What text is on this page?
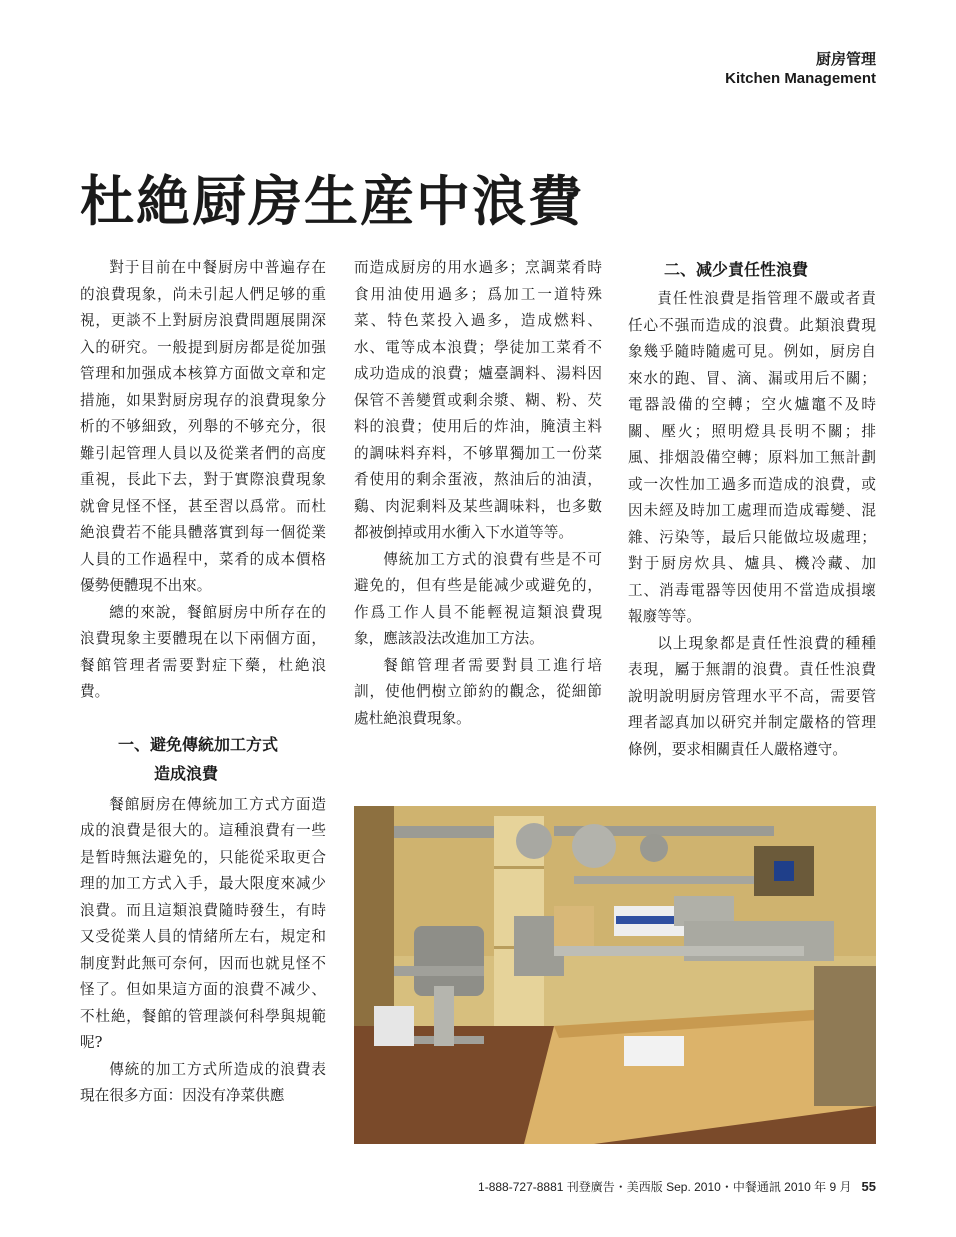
厨房管理
Kitchen Management
杜絶厨房生産中浪費

對于目前在中餐厨房中普遍存在的浪費現象，尚未引起人們足够的重視，更談不上對厨房浪費問題展開深入的研究。一般提到厨房都是從加强管理和加强成本核算方面做文章和定措施，如果對厨房現存的浪費現象分析的不够細致，列舉的不够充分，很難引起管理人員以及從業者們的高度重視，長此下去，對于實際浪費現象就會見怪不怪，甚至習以爲常。而杜絶浪費若不能具體落實到每一個從業人員的工作過程中，菜肴的成本價格優勢便體現不出來。

總的來說，餐館厨房中所存在的浪費現象主要體現在以下兩個方面，餐館管理者需要對症下藥，杜絶浪費。

一、避免傳統加工方式
造成浪費

餐館厨房在傳統加工方式方面造成的浪費是很大的。這種浪費有一些是暂時無法避免的，只能從采取更合理的加工方式入手，最大限度來减少浪費。而且這類浪費隨時發生，有時又受從業人員的情緒所左右，規定和制度對此無可奈何，因而也就見怪不怪了。但如果這方面的浪費不减少、不杜絶，餐館的管理談何科學與規範呢?

傳統的加工方式所造成的浪費表現在很多方面：因没有净菜供應

而造成厨房的用水過多；烹調菜肴時食用油使用過多；爲加工一道特殊菜、特色菜投入過多，造成燃料、水、電等成本浪費；學徒加工菜肴不成功造成的浪費；爐臺調料、湯料因保管不善變質或剩余漿、糊、粉、芡料的浪費；使用后的炸油，腌漬主料的調味料弃料，不够單獨加工一份菜肴使用的剩余蛋液，熬油后的油漬，鷄、肉泥剩料及某些調味料，也多數都被倒掉或用水衝入下水道等等。

傳統加工方式的浪費有些是不可避免的，但有些是能减少或避免的，作爲工作人員不能輕視這類浪費現象，應該設法改進加工方法。

餐館管理者需要對員工進行培訓，使他們樹立節約的觀念，從細節處杜絶浪費現象。

二、减少責任性浪費

責任性浪費是指管理不嚴或者責任心不强而造成的浪費。此類浪費現象幾乎隨時隨處可見。例如，厨房自來水的跑、冒、滴、漏或用后不關；電器設備的空轉；空火爐竈不及時關、壓火；照明燈具長明不關；排風、排烟設備空轉；原料加工無計劃或一次性加工過多而造成的浪費，或因未經及時加工處理而造成霉變、混雜、污染等，最后只能做垃圾處理；對于厨房炊具、爐具、機冷藏、加工、消毒電器等因使用不當造成損壞報廢等等。

以上現象都是責任性浪費的種種表現，屬于無謂的浪費。責任性浪費說明說明厨房管理水平不高，需要管理者認真加以研究并制定嚴格的管理條例，要求相關責任人嚴格遵守。

1-888-727-8881 刊登廣告・美西版 Sep. 2010・中餐通訊 2010 年 9 月 55
